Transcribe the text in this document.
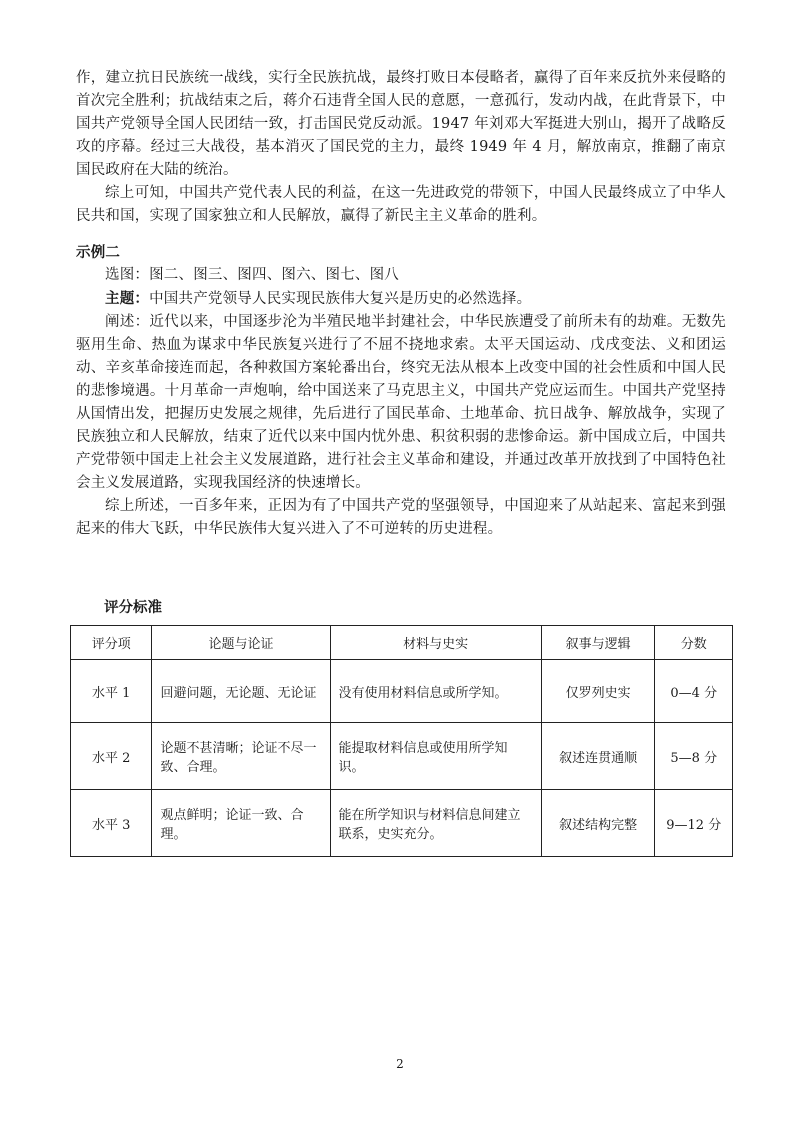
作，建立抗日民族统一战线，实行全民族抗战，最终打败日本侵略者，赢得了百年来反抗外来侵略的首次完全胜利；抗战结束之后，蒋介石违背全国人民的意愿，一意孤行，发动内战，在此背景下，中国共产党领导全国人民团结一致，打击国民党反动派。1947 年刘邓大军挺进大别山，揭开了战略反攻的序幕。经过三大战役，基本消灭了国民党的主力，最终 1949 年 4 月，解放南京，推翻了南京国民政府在大陆的统治。

综上可知，中国共产党代表人民的利益，在这一先进政党的带领下，中国人民最终成立了中华人民共和国，实现了国家独立和人民解放，赢得了新民主主义革命的胜利。

示例二

选图：图二、图三、图四、图六、图七、图八

主题：中国共产党领导人民实现民族伟大复兴是历史的必然选择。

阐述：近代以来，中国逐步沦为半殖民地半封建社会，中华民族遭受了前所未有的劫难。无数先驱用生命、热血为谋求中华民族复兴进行了不屈不挠地求索。太平天国运动、戊戌变法、义和团运动、辛亥革命接连而起，各种救国方案轮番出台，终究无法从根本上改变中国的社会性质和中国人民的悲惨境遇。十月革命一声炮响，给中国送来了马克思主义，中国共产党应运而生。中国共产党坚持从国情出发，把握历史发展之规律，先后进行了国民革命、土地革命、抗日战争、解放战争，实现了民族独立和人民解放，结束了近代以来中国内忧外患、积贫积弱的悲惨命运。新中国成立后，中国共产党带领中国走上社会主义发展道路，进行社会主义革命和建设，并通过改革开放找到了中国特色社会主义发展道路，实现我国经济的快速增长。

综上所述，一百多年来，正因为有了中国共产党的坚强领导，中国迎来了从站起来、富起来到强起来的伟大飞跃，中华民族伟大复兴进入了不可逆转的历史进程。

评分标准
评分项	论题与论证	材料与史实	叙事与逻辑	分数
水平 1	回避问题，无论题、无论证	没有使用材料信息或所学知。	仅罗列史实	0—4 分
水平 2	论题不甚清晰；论证不尽一致、合理。	能提取材料信息或使用所学知识。	叙述连贯通顺	5—8 分
水平 3	观点鲜明；论证一致、合理。	能在所学知识与材料信息间建立联系，史实充分。	叙述结构完整	9—12 分
2
